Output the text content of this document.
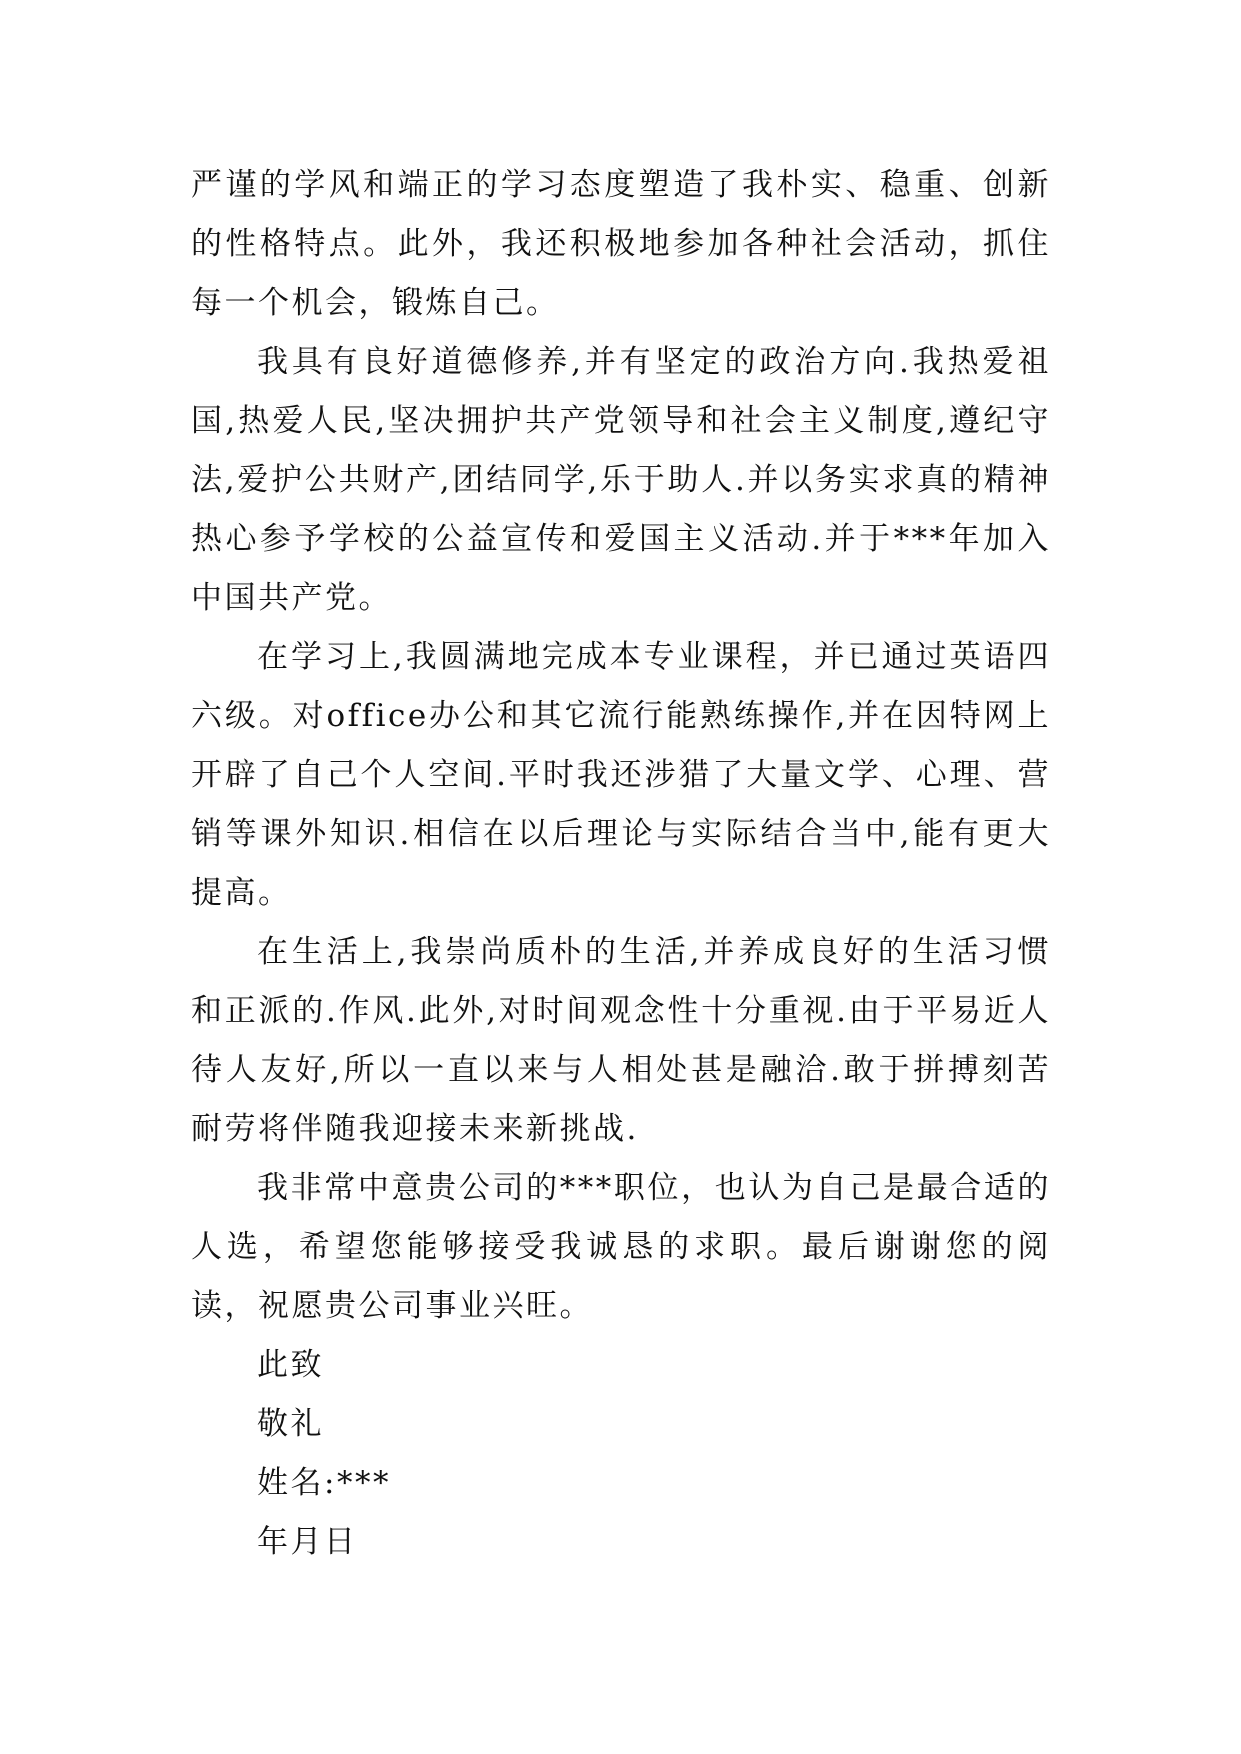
严谨的学风和端正的学习态度塑造了我朴实、稳重、创新的性格特点。此外，我还积极地参加各种社会活动，抓住每一个机会，锻炼自己。

我具有良好道德修养,并有坚定的政治方向.我热爱祖国,热爱人民,坚决拥护共产党领导和社会主义制度,遵纪守法,爱护公共财产,团结同学,乐于助人.并以务实求真的精神热心参予学校的公益宣传和爱国主义活动.并于***年加入中国共产党。

在学习上,我圆满地完成本专业课程，并已通过英语四六级。对office办公和其它流行能熟练操作,并在因特网上开辟了自己个人空间.平时我还涉猎了大量文学、心理、营销等课外知识.相信在以后理论与实际结合当中,能有更大提高。

在生活上,我崇尚质朴的生活,并养成良好的生活习惯和正派的.作风.此外,对时间观念性十分重视.由于平易近人待人友好,所以一直以来与人相处甚是融洽.敢于拼搏刻苦耐劳将伴随我迎接未来新挑战.

我非常中意贵公司的***职位，也认为自己是最合适的人选，希望您能够接受我诚恳的求职。最后谢谢您的阅读，祝愿贵公司事业兴旺。

此致

敬礼

姓名:***

年月日
